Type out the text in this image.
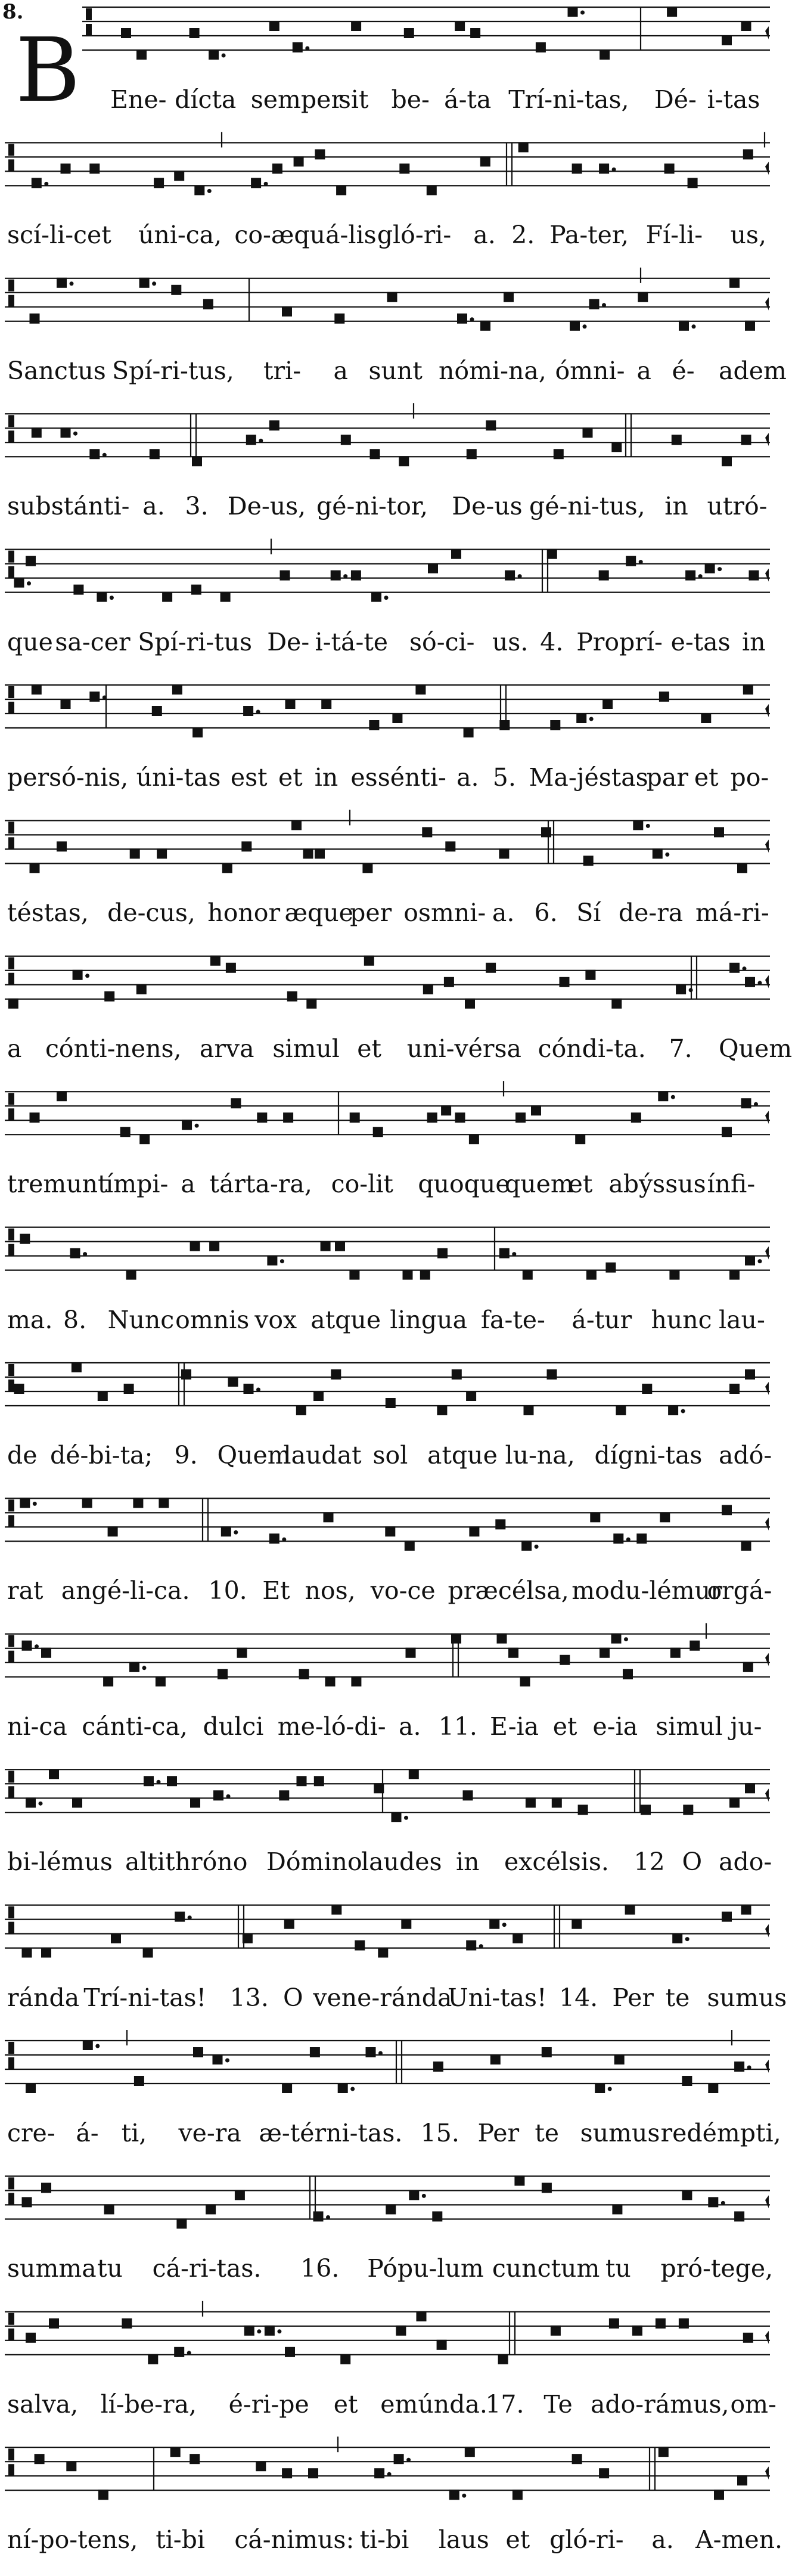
8.
B Ene- dícta semper
sit be- á-ta Trí-ni-tas, Dé- i-tas
scí-li-cet úni-ca, co-æquá-lis gló-ri- a. 2. Pa-ter, Fí-li- us,
Sanctus Spí-ri-tus, tri- a sunt nómi-na, ómni- a é- adem
substánti- a. 3. De-us, gé-ni-tor, De-us gé-ni-tus, in utró-
que sa-cer Spí-ri-tus De- i-tá-te só-ci- us. 4. Proprí- e-tas in
persó-nis, úni-tas est et in essénti- a. 5. Ma-jéstas
par et po-
téstas, de-cus, honor æque
per osmni- a. 6. Sí de-ra má-ri-
a cónti-nens, arva simul et uni-vérsa cóndi-ta. 7. Quem
tremunt
ímpi- a tárta-ra, co-lit quoque
quem
et abýssus ínfi-
ma. 8. Nunc omnis vox atque lingua fa-te- á-tur hunc lau-
de dé-bi-ta; 9. Quem
laudat sol atque lu-na, dígni-tas adó-
rat angé-li-ca. 10. Et nos, vo-ce præcélsa, modu-lémur
orgá-
ni-ca cánti-ca, dulci me-ló-di- a. 11. E-ia et e-ia simul ju-
bi-lémus altithróno Dómino
laudes in excélsis. 12 O ado-
ránda Trí-ni-tas! 13. O vene-ránda
Uni-tas! 14. Per te sumus
cre- á- ti, ve-ra æ-térni-tas. 15. Per te sumus redémpti,
summa tu cá-ri-tas. 16. Pópu-lum cunctum tu pró-tege,
salva, lí-be-ra, é-ri-pe et emúnda.
17. Te ado-rámus, om-
ní-po-tens, ti-bi cá-nimus: ti-bi laus et gló-ri- a. A-men.
